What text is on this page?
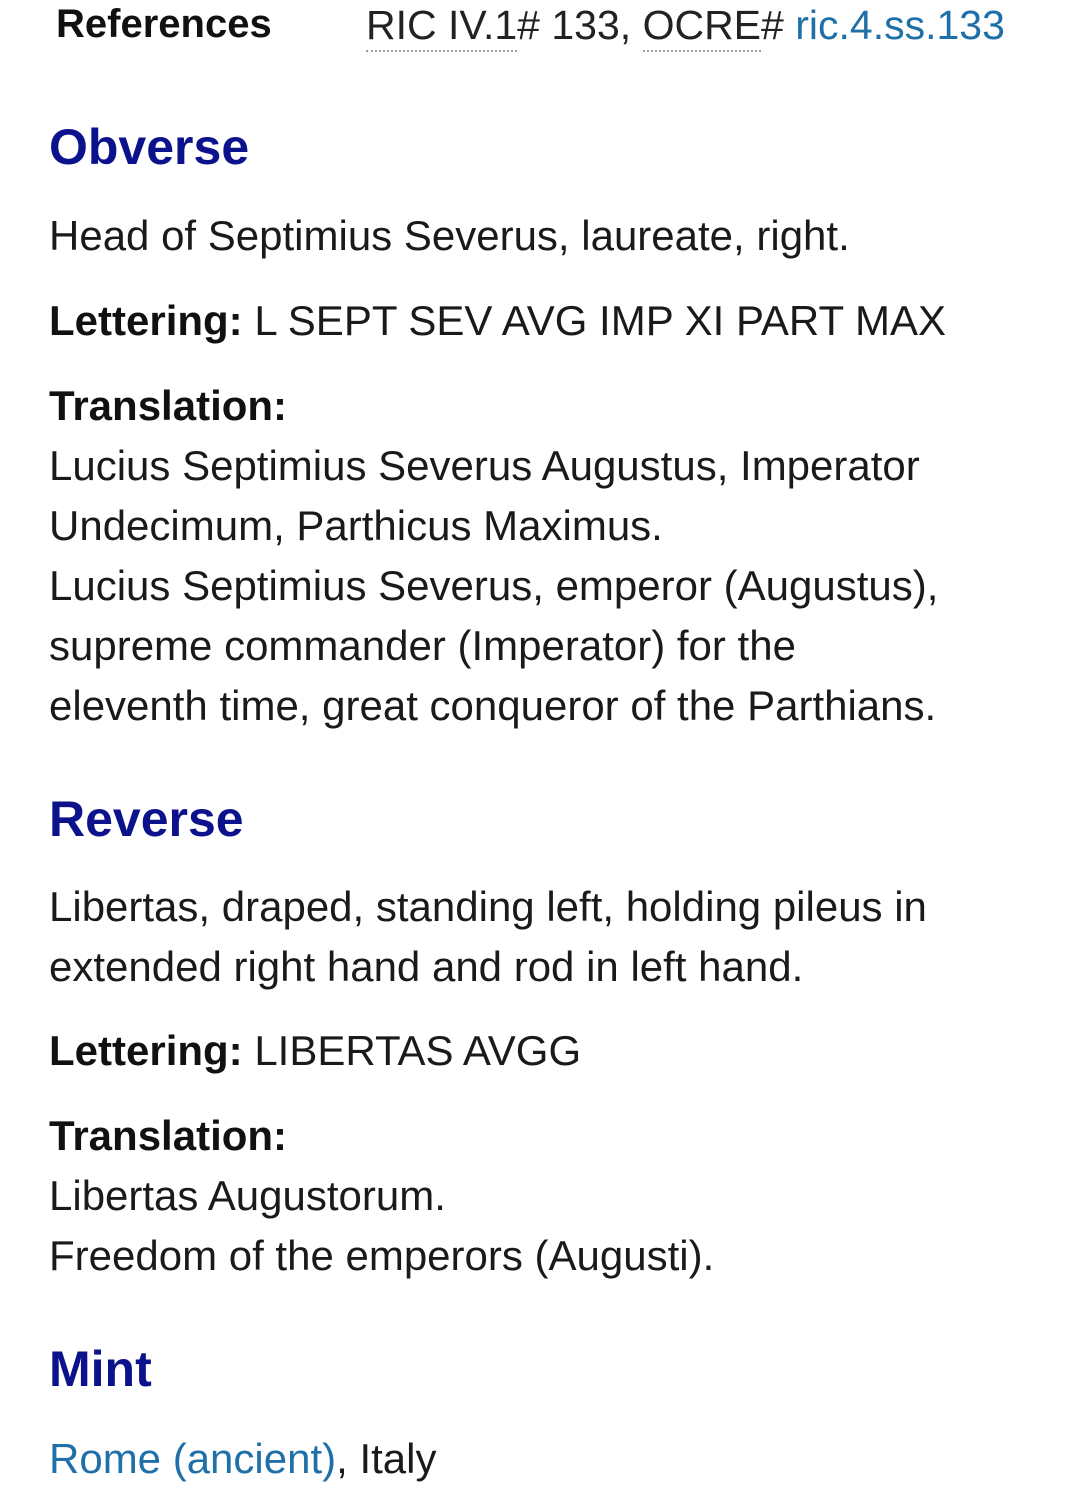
References RIC IV.1# 133, OCRE# ric.4.ss.133
Obverse

Head of Septimius Severus, laureate, right.

Lettering: L SEPT SEV AVG IMP XI PART MAX

Translation:
Lucius Septimius Severus Augustus, Imperator
Undecimum, Parthicus Maximus.
Lucius Septimius Severus, emperor (Augustus),
supreme commander (Imperator) for the
eleventh time, great conqueror of the Parthians.
Reverse
Libertas, draped, standing left, holding pileus in
extended right hand and rod in left hand.

Lettering: LIBERTAS AVGG

Translation:
Libertas Augustorum.
Freedom of the emperors (Augusti).
Mint

Rome (ancient), Italy
